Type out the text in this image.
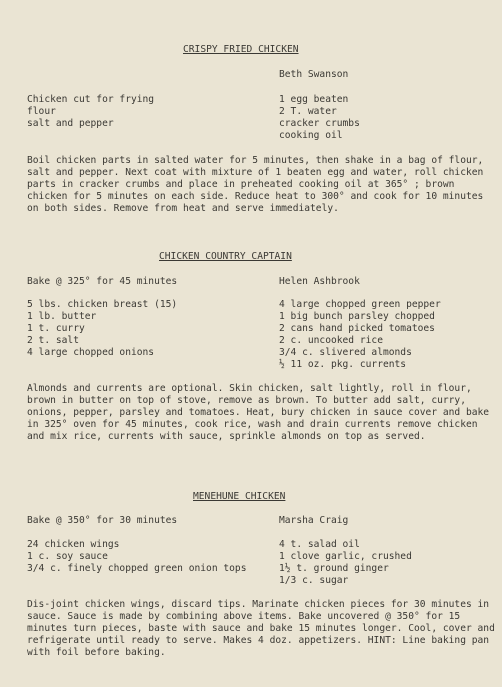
CRISPY FRIED CHICKEN
Beth Swanson
Chicken cut for frying
flour
salt and pepper
1 egg beaten
2 T. water
cracker crumbs
cooking oil
Boil chicken parts in salted water for 5 minutes, then shake in a bag of flour, salt and pepper. Next coat with mixture of 1 beaten egg and water, roll chicken parts in cracker crumbs and place in preheated cooking oil at 365° ; brown chicken for 5 minutes on each side. Reduce heat to 300° and cook for 10 minutes on both sides. Remove from heat and serve immediately.
CHICKEN COUNTRY CAPTAIN
Bake @ 325° for 45 minutes	Helen Ashbrook
5 lbs. chicken breast (15)
1 lb. butter
1 t. curry
2 t. salt
4 large chopped onions
4 large chopped green pepper
1 big bunch parsley chopped
2 cans hand picked tomatoes
2 c. uncooked rice
3/4 c. slivered almonds
½ 11 oz. pkg. currents
Almonds and currents are optional. Skin chicken, salt lightly, roll in flour, brown in butter on top of stove, remove as brown. To butter add salt, curry, onions, pepper, parsley and tomatoes. Heat, bury chicken in sauce cover and bake in 325° oven for 45 minutes, cook rice, wash and drain currents remove chicken and mix rice, currents with sauce, sprinkle almonds on top as served.
MENEHUNE CHICKEN
Bake @ 350° for 30 minutes	Marsha Craig
24 chicken wings
1 c. soy sauce
3/4 c. finely chopped green onion tops
4 t. salad oil
1 clove garlic, crushed
1½ t. ground ginger
1/3 c. sugar
Dis-joint chicken wings, discard tips. Marinate chicken pieces for 30 minutes in sauce. Sauce is made by combining above items. Bake uncovered @ 350° for 15 minutes turn pieces, baste with sauce and bake 15 minutes longer. Cool, cover and refrigerate until ready to serve. Makes 4 doz. appetizers. HINT: Line baking pan with foil before baking.
